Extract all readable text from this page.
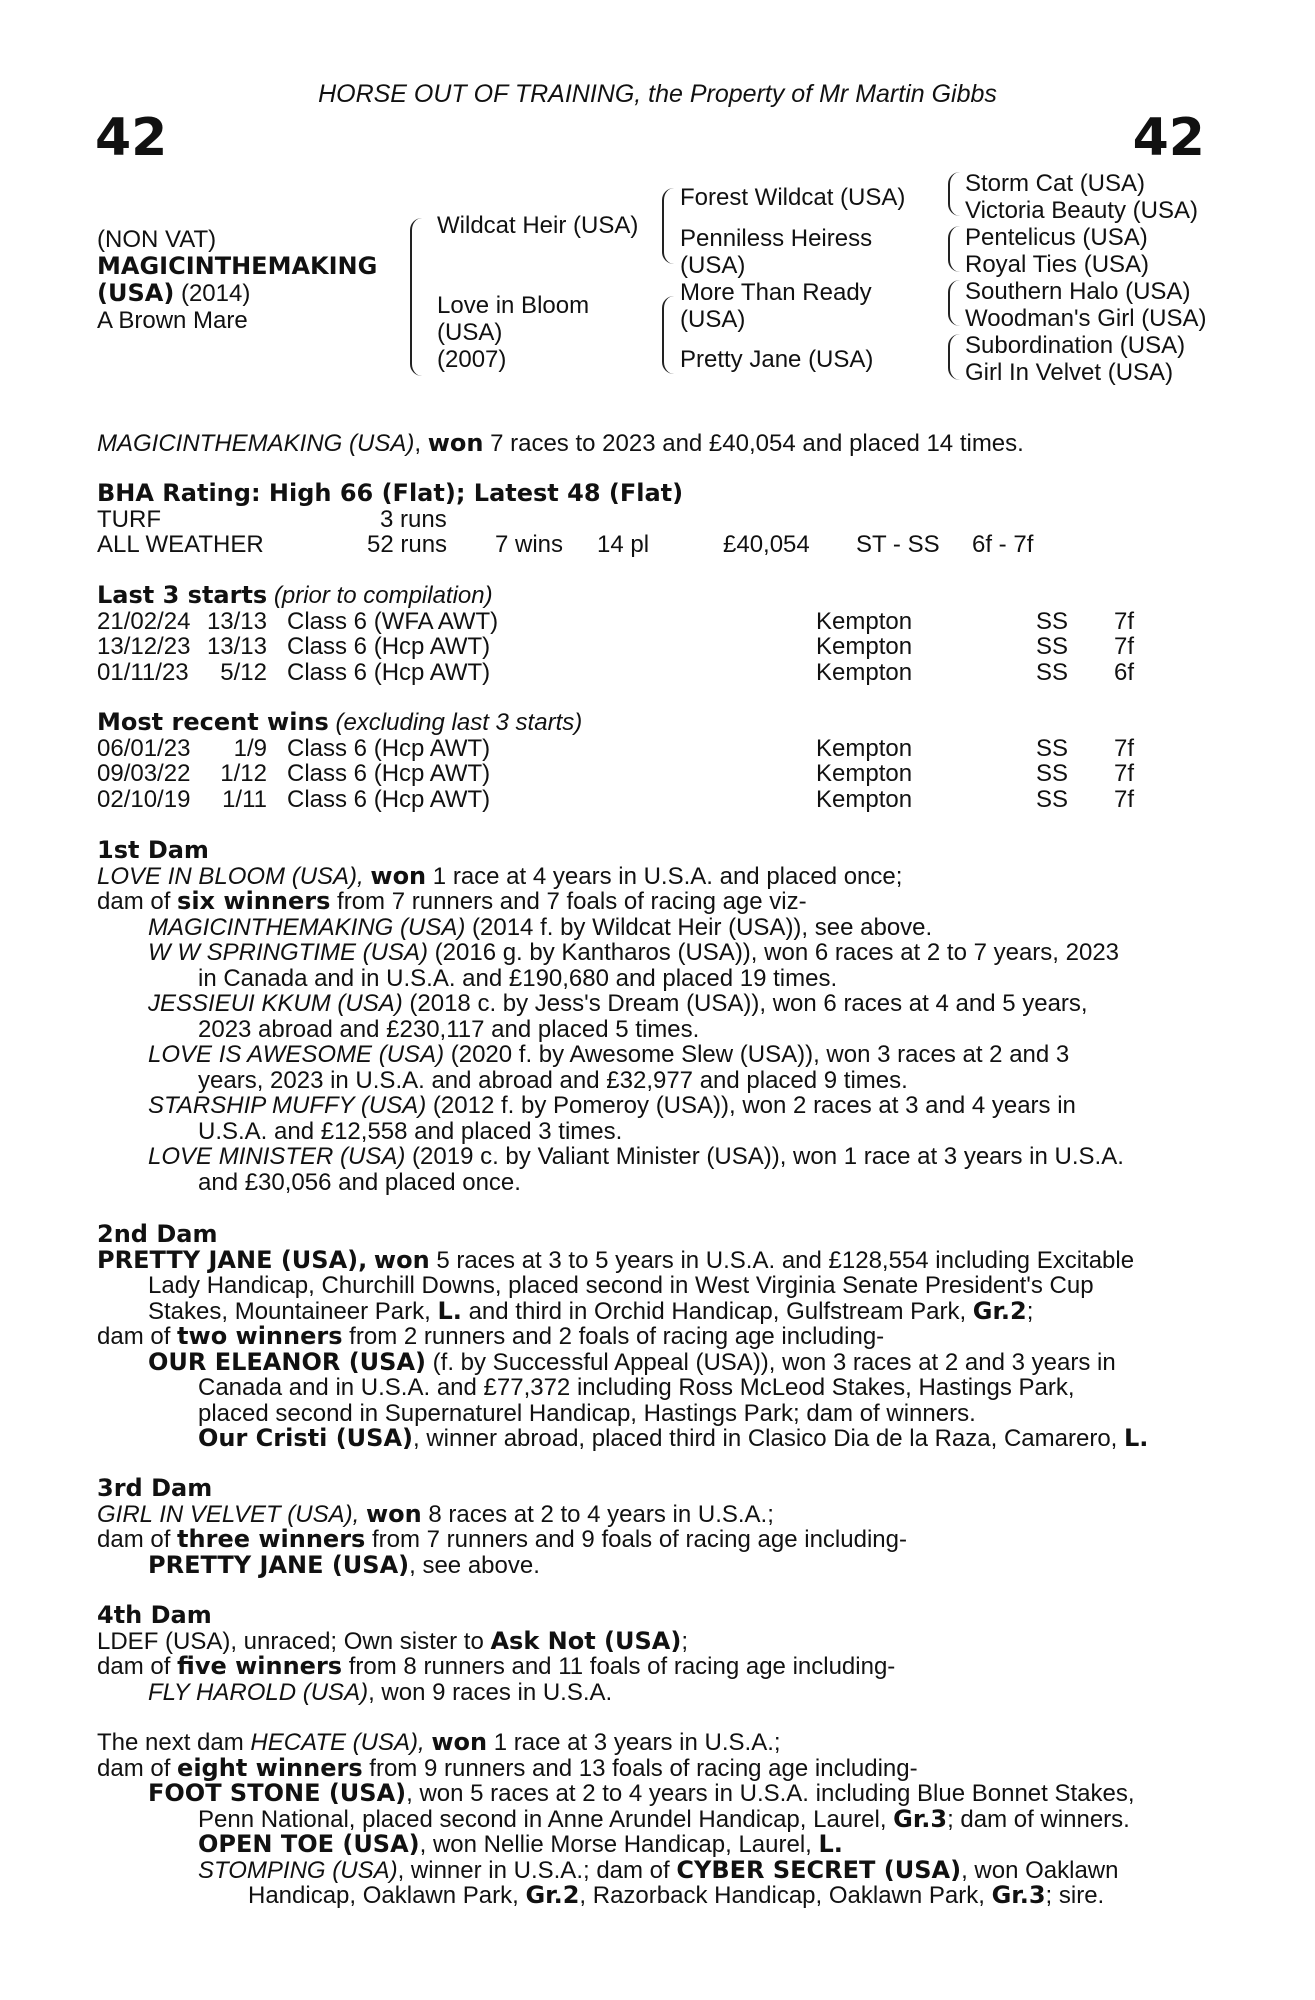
HORSE OUT OF TRAINING, the Property of Mr Martin Gibbs
42	42
(NON VAT)
MAGICINTHEMAKING
(USA) (2014)
A Brown Mare
Wildcat Heir (USA)
Love in Bloom
(USA)
(2007)
Forest Wildcat (USA)
Penniless Heiress
(USA)
More Than Ready
(USA)
Pretty Jane (USA)
Storm Cat (USA)
Victoria Beauty (USA)
Pentelicus (USA)
Royal Ties (USA)
Southern Halo (USA)
Woodman's Girl (USA)
Subordination (USA)
Girl In Velvet (USA)
MAGICINTHEMAKING (USA), won 7 races to 2023 and £40,054 and placed 14 times.
BHA Rating: High 66 (Flat); Latest 48 (Flat)
TURF	3 runs
ALL WEATHER	52 runs 7 wins 14 pl	£40,054 ST - SS 6f - 7f
Last 3 starts (prior to compilation)
21/02/24 13/13 Class 6 (WFA AWT)	Kempton	SS 7f
13/12/23 13/13 Class 6 (Hcp AWT)	Kempton	SS 7f
01/11/23 5/12 Class 6 (Hcp AWT)	Kempton	SS 6f
Most recent wins (excluding last 3 starts)
06/01/23 1/9 Class 6 (Hcp AWT)	Kempton	SS 7f
09/03/22 1/12 Class 6 (Hcp AWT)	Kempton	SS 7f
02/10/19 1/11 Class 6 (Hcp AWT)	Kempton	SS 7f
1st Dam
LOVE IN BLOOM (USA), won 1 race at 4 years in U.S.A. and placed once;
dam of six winners from 7 runners and 7 foals of racing age viz-
MAGICINTHEMAKING (USA) (2014 f. by Wildcat Heir (USA)), see above.
W W SPRINGTIME (USA) (2016 g. by Kantharos (USA)), won 6 races at 2 to 7 years, 2023
in Canada and in U.S.A. and £190,680 and placed 19 times.
JESSIEUI KKUM (USA) (2018 c. by Jess's Dream (USA)), won 6 races at 4 and 5 years,
2023 abroad and £230,117 and placed 5 times.
LOVE IS AWESOME (USA) (2020 f. by Awesome Slew (USA)), won 3 races at 2 and 3
years, 2023 in U.S.A. and abroad and £32,977 and placed 9 times.
STARSHIP MUFFY (USA) (2012 f. by Pomeroy (USA)), won 2 races at 3 and 4 years in
U.S.A. and £12,558 and placed 3 times.
LOVE MINISTER (USA) (2019 c. by Valiant Minister (USA)), won 1 race at 3 years in U.S.A.
and £30,056 and placed once.
2nd Dam
PRETTY JANE (USA), won 5 races at 3 to 5 years in U.S.A. and £128,554 including Excitable
Lady Handicap, Churchill Downs, placed second in West Virginia Senate President's Cup
Stakes, Mountaineer Park, L. and third in Orchid Handicap, Gulfstream Park, Gr.2;
dam of two winners from 2 runners and 2 foals of racing age including-
OUR ELEANOR (USA) (f. by Successful Appeal (USA)), won 3 races at 2 and 3 years in
Canada and in U.S.A. and £77,372 including Ross McLeod Stakes, Hastings Park,
placed second in Supernaturel Handicap, Hastings Park; dam of winners.
Our Cristi (USA), winner abroad, placed third in Clasico Dia de la Raza, Camarero, L.
3rd Dam
GIRL IN VELVET (USA), won 8 races at 2 to 4 years in U.S.A.;
dam of three winners from 7 runners and 9 foals of racing age including-
PRETTY JANE (USA), see above.
4th Dam
LDEF (USA), unraced; Own sister to Ask Not (USA);
dam of five winners from 8 runners and 11 foals of racing age including-
FLY HAROLD (USA), won 9 races in U.S.A.
The next dam HECATE (USA), won 1 race at 3 years in U.S.A.;
dam of eight winners from 9 runners and 13 foals of racing age including-
FOOT STONE (USA), won 5 races at 2 to 4 years in U.S.A. including Blue Bonnet Stakes,
Penn National, placed second in Anne Arundel Handicap, Laurel, Gr.3; dam of winners.
OPEN TOE (USA), won Nellie Morse Handicap, Laurel, L.
STOMPING (USA), winner in U.S.A.; dam of CYBER SECRET (USA), won Oaklawn
Handicap, Oaklawn Park, Gr.2, Razorback Handicap, Oaklawn Park, Gr.3; sire.
